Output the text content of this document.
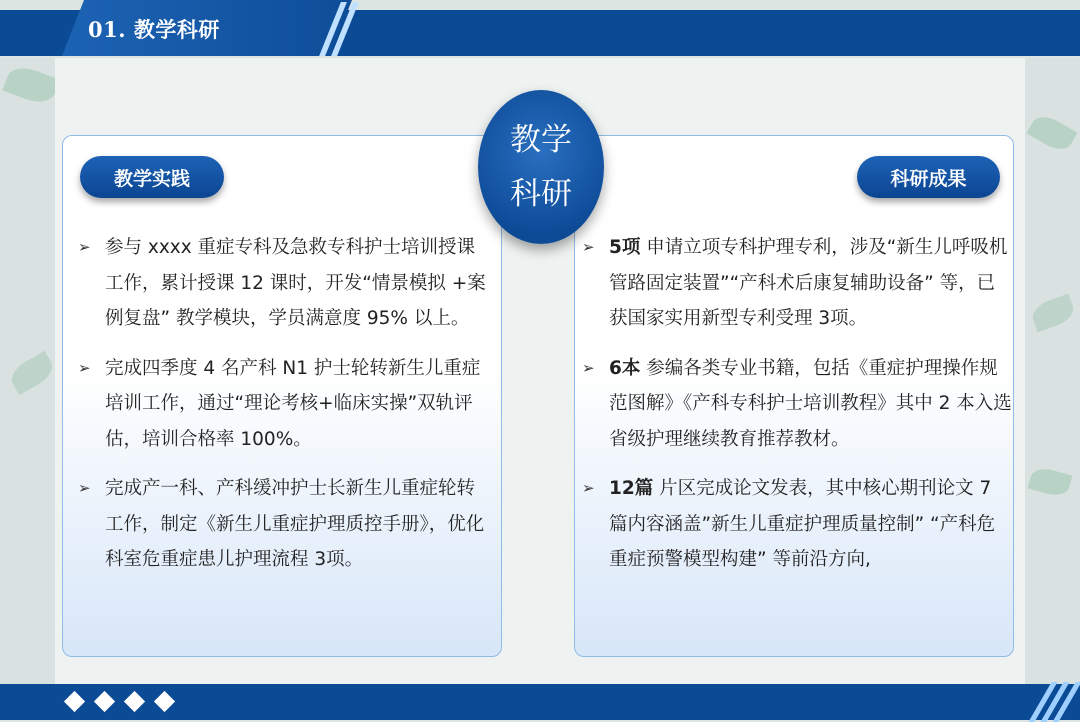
01. 教学科研
教学实践	科研成果
教学
科研
➢ 参与 xxxx 重症专科及急救专科护士培训授课工作，累计授课 12 课时，开发“情景模拟 +案例复盘” 教学模块，学员满意度 95% 以上。
➢ 完成四季度 4 名产科 N1 护士轮转新生儿重症培训工作，通过“理论考核+临床实操”双轨评估，培训合格率 100%。
➢ 完成产一科、产科缓冲护士长新生儿重症轮转工作，制定《新生儿重症护理质控手册》，优化科室危重症患儿护理流程 3项。
➢ 5项 申请立项专科护理专利，涉及“新生儿呼吸机管路固定装置”“产科术后康复辅助设备” 等，已获国家实用新型专利受理 3项。
➢ 6本 参编各类专业书籍，包括《重症护理操作规范图解》《产科专科护士培训教程》其中 2 本入选省级护理继续教育推荐教材。
➢ 12篇 片区完成论文发表，其中核心期刊论文 7 篇内容涵盖”新生儿重症护理质量控制” “产科危重症预警模型构建” 等前沿方向,
